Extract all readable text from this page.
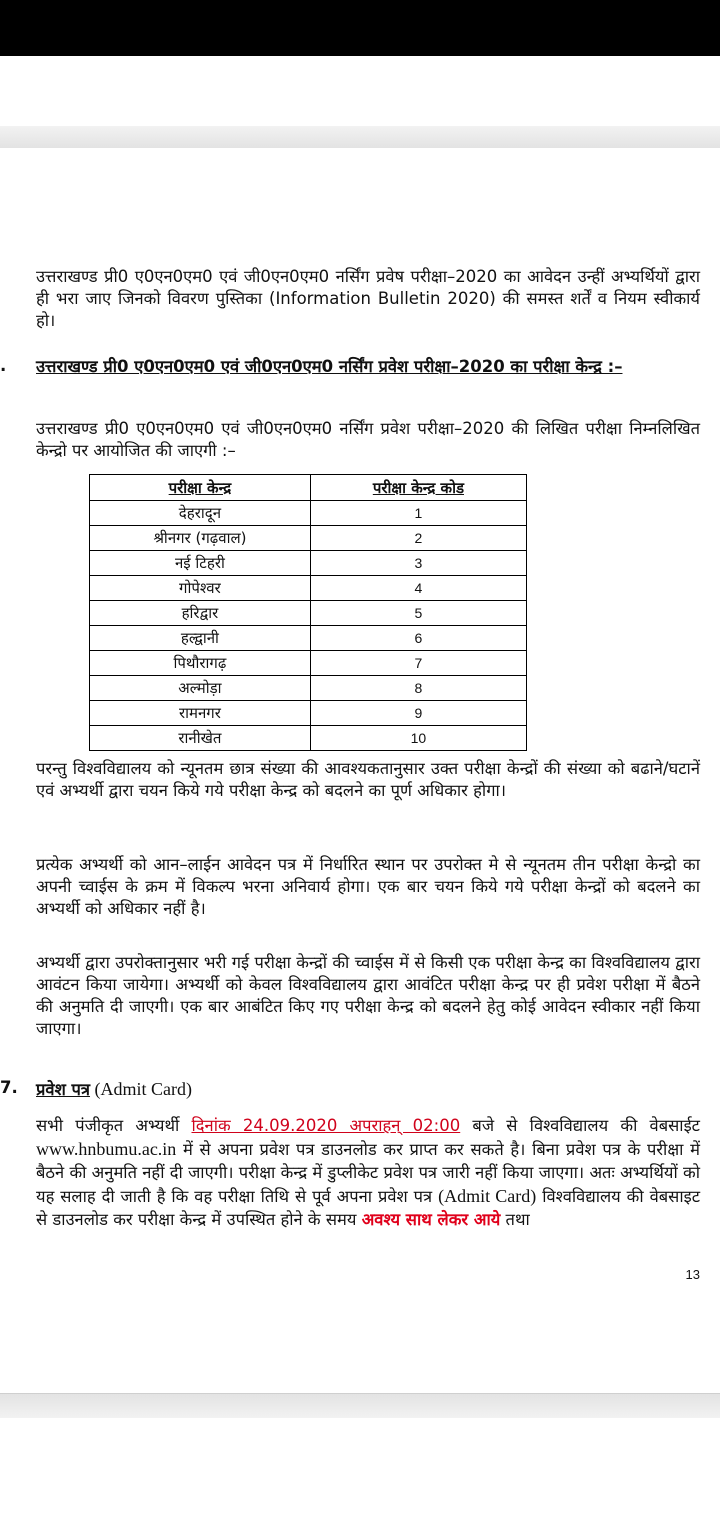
उत्तराखण्ड प्री0 ए0एन0एम0 एवं जी0एन0एम0 नर्सिंग प्रवेष परीक्षा–2020 का आवेदन उन्हीं अभ्यर्थियों द्वारा ही भरा जाए जिनको विवरण पुस्तिका (Information Bulletin 2020) की समस्त शर्तें व नियम स्वीकार्य हो।
. उत्तराखण्ड प्री0 ए0एन0एम0 एवं जी0एन0एम0 नर्सिंग प्रवेश परीक्षा–2020 का परीक्षा केन्द्र :–
उत्तराखण्ड प्री0 ए0एन0एम0 एवं जी0एन0एम0 नर्सिंग प्रवेश परीक्षा–2020 की लिखित परीक्षा निम्नलिखित केन्द्रो पर आयोजित की जाएगी :–
परीक्षा केन्द्र	परीक्षा केन्द्र कोड
देहरादून	1
श्रीनगर (गढ़वाल)	2
नई टिहरी	3
गोपेश्वर	4
हरिद्वार	5
हल्द्वानी	6
पिथौरागढ़	7
अल्मोड़ा	8
रामनगर	9
रानीखेत	10
परन्तु विश्वविद्यालय को न्यूनतम छात्र संख्या की आवश्यकतानुसार उक्त परीक्षा केन्द्रों की संख्या को बढाने/घटानें एवं अभ्यर्थी द्वारा चयन किये गये परीक्षा केन्द्र को बदलने का पूर्ण अधिकार होगा।
प्रत्येक अभ्यर्थी को आन–लाईन आवेदन पत्र में निर्धारित स्थान पर उपरोक्त मे से न्यूनतम तीन परीक्षा केन्द्रो का अपनी च्वाईस के क्रम में विकल्प भरना अनिवार्य होगा। एक बार चयन किये गये परीक्षा केन्द्रों को बदलने का अभ्यर्थी को अधिकार नहीं है।
अभ्यर्थी द्वारा उपरोक्तानुसार भरी गई परीक्षा केन्द्रों की च्वाईस में से किसी एक परीक्षा केन्द्र का विश्वविद्यालय द्वारा आवंटन किया जायेगा। अभ्यर्थी को केवल विश्वविद्यालय द्वारा आवंटित परीक्षा केन्द्र पर ही प्रवेश परीक्षा में बैठने की अनुमति दी जाएगी। एक बार आबंटित किए गए परीक्षा केन्द्र को बदलने हेतु कोई आवेदन स्वीकार नहीं किया जाएगा।
7. प्रवेश पत्र (Admit Card)
सभी पंजीकृत अभ्यर्थी दिनांक 24.09.2020 अपराहन् 02:00 बजे से विश्वविद्यालय की वेबसाईट www.hnbumu.ac.in में से अपना प्रवेश पत्र डाउनलोड कर प्राप्त कर सकते है। बिना प्रवेश पत्र के परीक्षा में बैठने की अनुमति नहीं दी जाएगी। परीक्षा केन्द्र में डुप्लीकेट प्रवेश पत्र जारी नहीं किया जाएगा। अतः अभ्यर्थियों को यह सलाह दी जाती है कि वह परीक्षा तिथि से पूर्व अपना प्रवेश पत्र (Admit Card) विश्वविद्यालय की वेबसाइट से डाउनलोड कर परीक्षा केन्द्र में उपस्थित होने के समय अवश्य साथ लेकर आये तथा
13
